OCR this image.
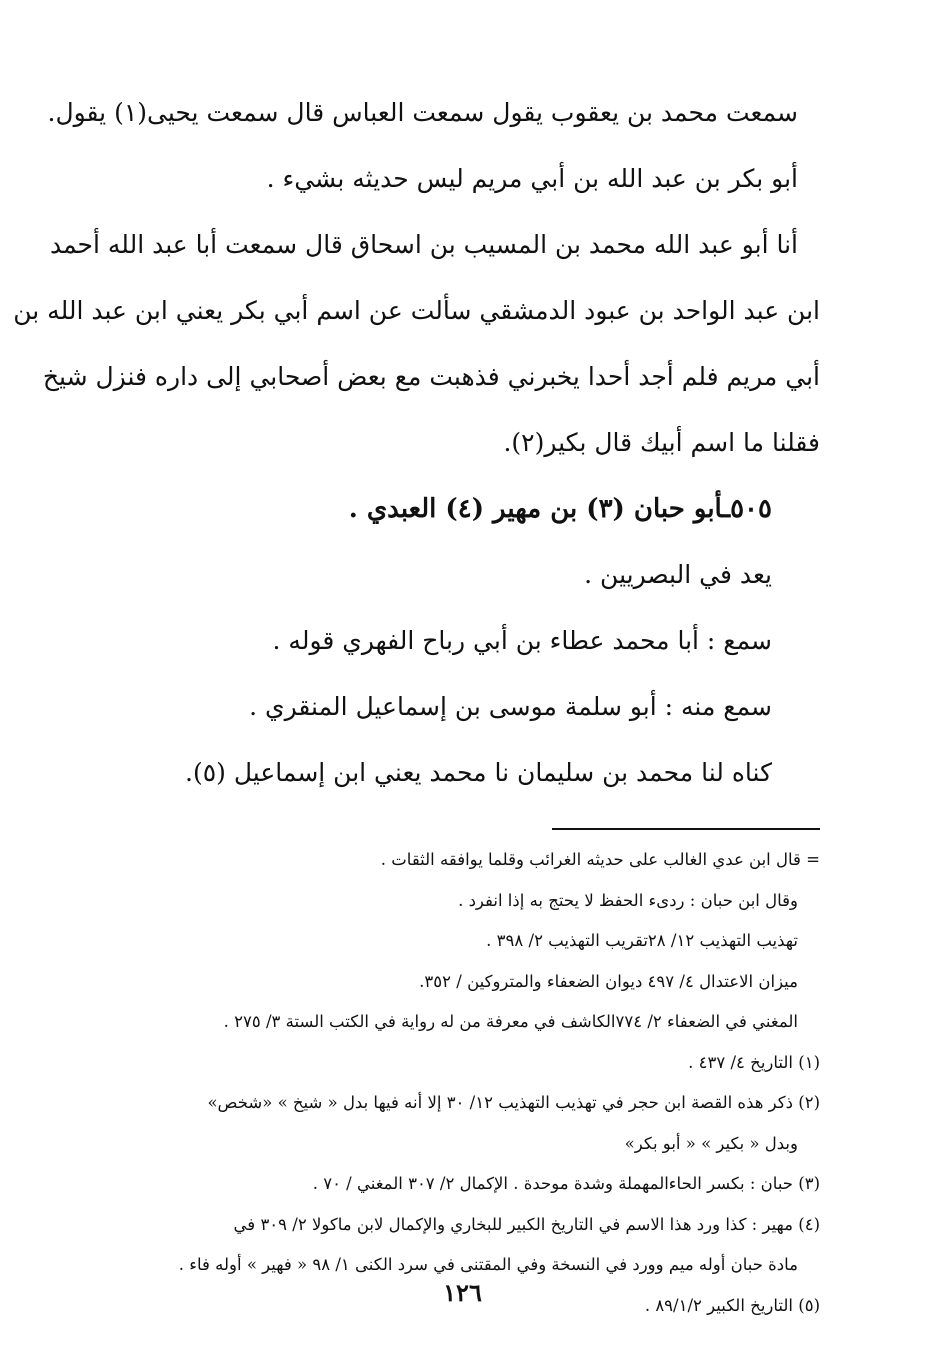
سمعت محمد بن يعقوب يقول سمعت العباس قال سمعت يحيى(١) يقول.

أبو بكر بن عبد الله بن أبي مريم ليس حديثه بشيء .

أنا أبو عبد الله محمد بن المسيب بن اسحاق قال سمعت أبا عبد الله أحمد

ابن عبد الواحد بن عبود الدمشقي سألت عن اسم أبي بكر يعني ابن عبد الله بن

أبي مريم فلم أجد أحدا يخبرني فذهبت مع بعض أصحابي إلى داره فنزل شيخ

فقلنا ما اسم أبيك قال بكير(٢).

٥٠٥ـأبو حبان (٣) بن مهير (٤) العبدي .

يعد في البصريين .

سمع : أبا محمد عطاء بن أبي رباح الفهري قوله .

سمع منه : أبو سلمة موسى بن إسماعيل المنقري .

كناه لنا محمد بن سليمان نا محمد يعني ابن إسماعيل (٥).

= قال ابن عدي الغالب على حديثه الغرائب وقلما يوافقه الثقات .

وقال ابن حبان : ردىء الحفظ لا يحتج به إذا انفرد .

تهذيب التهذيب ١٢/ ٢٨تقريب التهذيب ٢/ ٣٩٨ .

ميزان الاعتدال ٤/ ٤٩٧ ديوان الضعفاء والمتروكين / ٣٥٢.

المغني في الضعفاء ٢/ ٧٧٤الكاشف في معرفة من له رواية في الكتب الستة ٣/ ٢٧٥ .

(١) التاريخ ٤/ ٤٣٧ .

(٢) ذكر هذه القصة ابن حجر في تهذيب التهذيب ١٢/ ٣٠ إلا أنه فيها بدل « شيخ » «شخص»

وبدل « بكير » « أبو بكر»

(٣) حبان : بكسر الحاءالمهملة وشدة موحدة . الإكمال ٢/ ٣٠٧ المغني / ٧٠ .

(٤) مهير : كذا ورد هذا الاسم في التاريخ الكبير للبخاري والإكمال لابن ماكولا ٢/ ٣٠٩ في

مادة حبان أوله ميم وورد في النسخة وفي المقتنى في سرد الكنى ١/ ٩٨ « فهير » أوله فاء .

(٥) التاريخ الكبير ٨٩/١/٢ .

١٢٦
